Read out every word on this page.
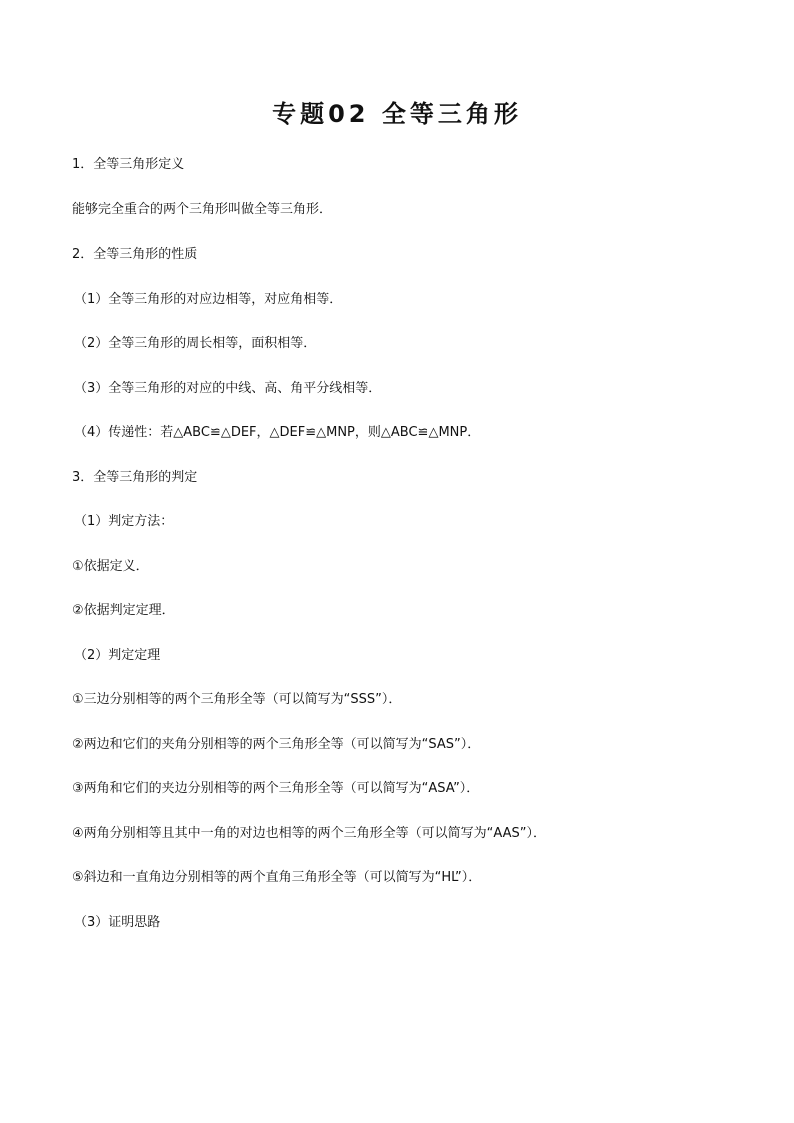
专题02 全等三角形
1．全等三角形定义
能够完全重合的两个三角形叫做全等三角形．
2．全等三角形的性质
（1）全等三角形的对应边相等，对应角相等．
（2）全等三角形的周长相等，面积相等．
（3）全等三角形的对应的中线、高、角平分线相等．
（4）传递性：若△ABC≌△DEF，△DEF≌△MNP，则△ABC≌△MNP．
3．全等三角形的判定
（1）判定方法：
①依据定义．
②依据判定定理．
（2）判定定理
①三边分别相等的两个三角形全等（可以简写为“SSS”）．
②两边和它们的夹角分别相等的两个三角形全等（可以简写为“SAS”）．
③两角和它们的夹边分别相等的两个三角形全等（可以简写为“ASA”）．
④两角分别相等且其中一角的对边也相等的两个三角形全等（可以简写为“AAS”）．
⑤斜边和一直角边分别相等的两个直角三角形全等（可以简写为“HL”）．
（3）证明思路
